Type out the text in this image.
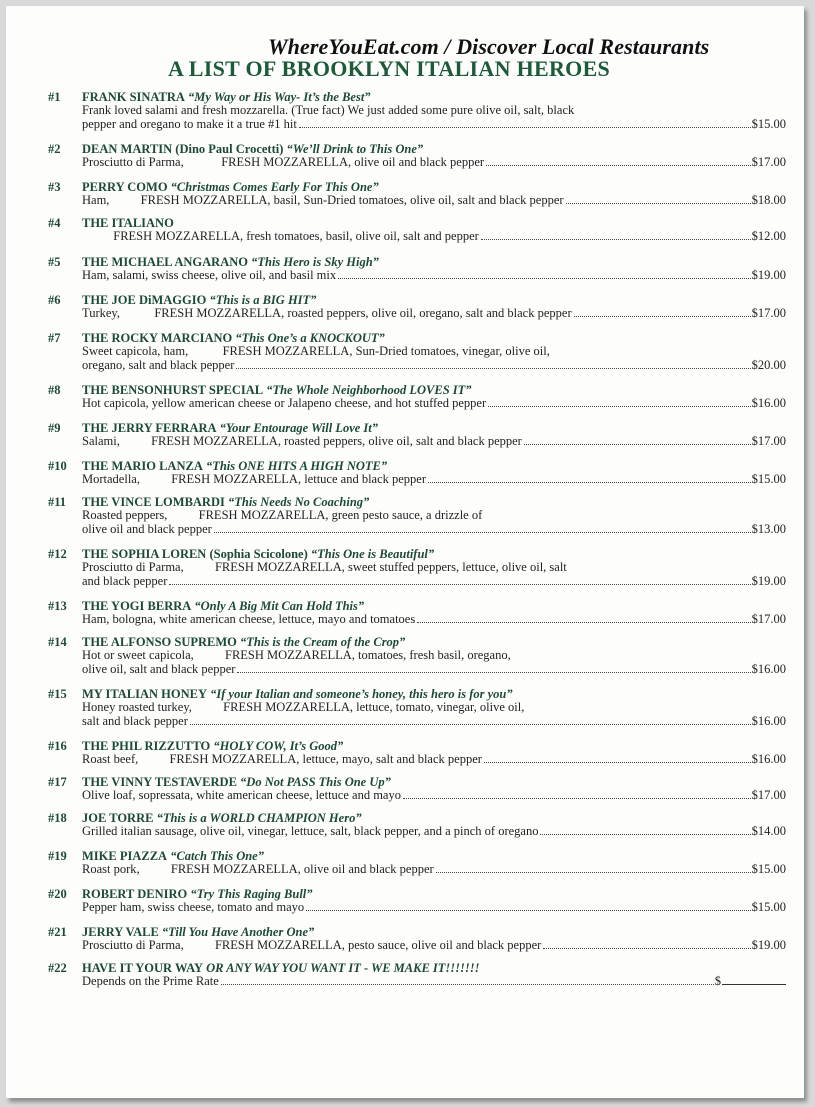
WhereYouEat.com / Discover Local Restaurants
A LIST OF BROOKLYN ITALIAN HEROES
#1 FRANK SINATRA “My Way or His Way- It’s the Best”
Frank loved salami and fresh mozzarella. (True fact) We just added some pure olive oil, salt, black
pepper and oregano to make it a true #1 hit	$15.00
#2 DEAN MARTIN (Dino Paul Crocetti) “We’ll Drink to This One”
Prosciutto di Parma,            FRESH MOZZARELLA, olive oil and black pepper	$17.00
#3 PERRY COMO “Christmas Comes Early For This One”
Ham,          FRESH MOZZARELLA, basil, Sun-Dried tomatoes, olive oil, salt and black pepper	$18.00
#4 THE ITALIANO
FRESH MOZZARELLA, fresh tomatoes, basil, olive oil, salt and pepper	$12.00
#5 THE MICHAEL ANGARANO “This Hero is Sky High”
Ham, salami, swiss cheese, olive oil, and basil mix	$19.00
#6 THE JOE DiMAGGIO “This is a BIG HIT”
Turkey,           FRESH MOZZARELLA, roasted peppers, olive oil, oregano, salt and black pepper	$17.00
#7 THE ROCKY MARCIANO “This One’s a KNOCKOUT”
Sweet capicola, ham,           FRESH MOZZARELLA, Sun-Dried tomatoes, vinegar, olive oil,
oregano, salt and black pepper	$20.00
#8 THE BENSONHURST SPECIAL “The Whole Neighborhood LOVES IT”
Hot capicola, yellow american cheese or Jalapeno cheese, and hot stuffed pepper	$16.00
#9 THE JERRY FERRARA “Your Entourage Will Love It”
Salami,          FRESH MOZZARELLA, roasted peppers, olive oil, salt and black pepper	$17.00
#10 THE MARIO LANZA “This ONE HITS A HIGH NOTE”
Mortadella,          FRESH MOZZARELLA, lettuce and black pepper	$15.00
#11 THE VINCE LOMBARDI “This Needs No Coaching”
Roasted peppers,          FRESH MOZZARELLA, green pesto sauce, a drizzle of
olive oil and black pepper	$13.00
#12 THE SOPHIA LOREN (Sophia Scicolone) “This One is Beautiful”
Prosciutto di Parma,          FRESH MOZZARELLA, sweet stuffed peppers, lettuce, olive oil, salt
and black pepper	$19.00
#13 THE YOGI BERRA “Only A Big Mit Can Hold This”
Ham, bologna, white american cheese, lettuce, mayo and tomatoes	$17.00
#14 THE ALFONSO SUPREMO “This is the Cream of the Crop”
Hot or sweet capicola,          FRESH MOZZARELLA, tomatoes, fresh basil, oregano,
olive oil, salt and black pepper	$16.00
#15 MY ITALIAN HONEY “If your Italian and someone’s honey, this hero is for you”
Honey roasted turkey,          FRESH MOZZARELLA, lettuce, tomato, vinegar, olive oil,
salt and black pepper	$16.00
#16 THE PHIL RIZZUTTO “HOLY COW, It’s Good”
Roast beef,          FRESH MOZZARELLA, lettuce, mayo, salt and black pepper	$16.00
#17 THE VINNY TESTAVERDE “Do Not PASS This One Up”
Olive loaf, sopressata, white american cheese, lettuce and mayo	$17.00
#18 JOE TORRE “This is a WORLD CHAMPION Hero”
Grilled italian sausage, olive oil, vinegar, lettuce, salt, black pepper, and a pinch of oregano	$14.00
#19 MIKE PIAZZA “Catch This One”
Roast pork,          FRESH MOZZARELLA, olive oil and black pepper	$15.00
#20 ROBERT DENIRO “Try This Raging Bull”
Pepper ham, swiss cheese, tomato and mayo	$15.00
#21 JERRY VALE “Till You Have Another One”
Prosciutto di Parma,          FRESH MOZZARELLA, pesto sauce, olive oil and black pepper	$19.00
#22 HAVE IT YOUR WAY OR ANY WAY YOU WANT IT - WE MAKE IT!!!!!!!
Depends on the Prime Rate	$
